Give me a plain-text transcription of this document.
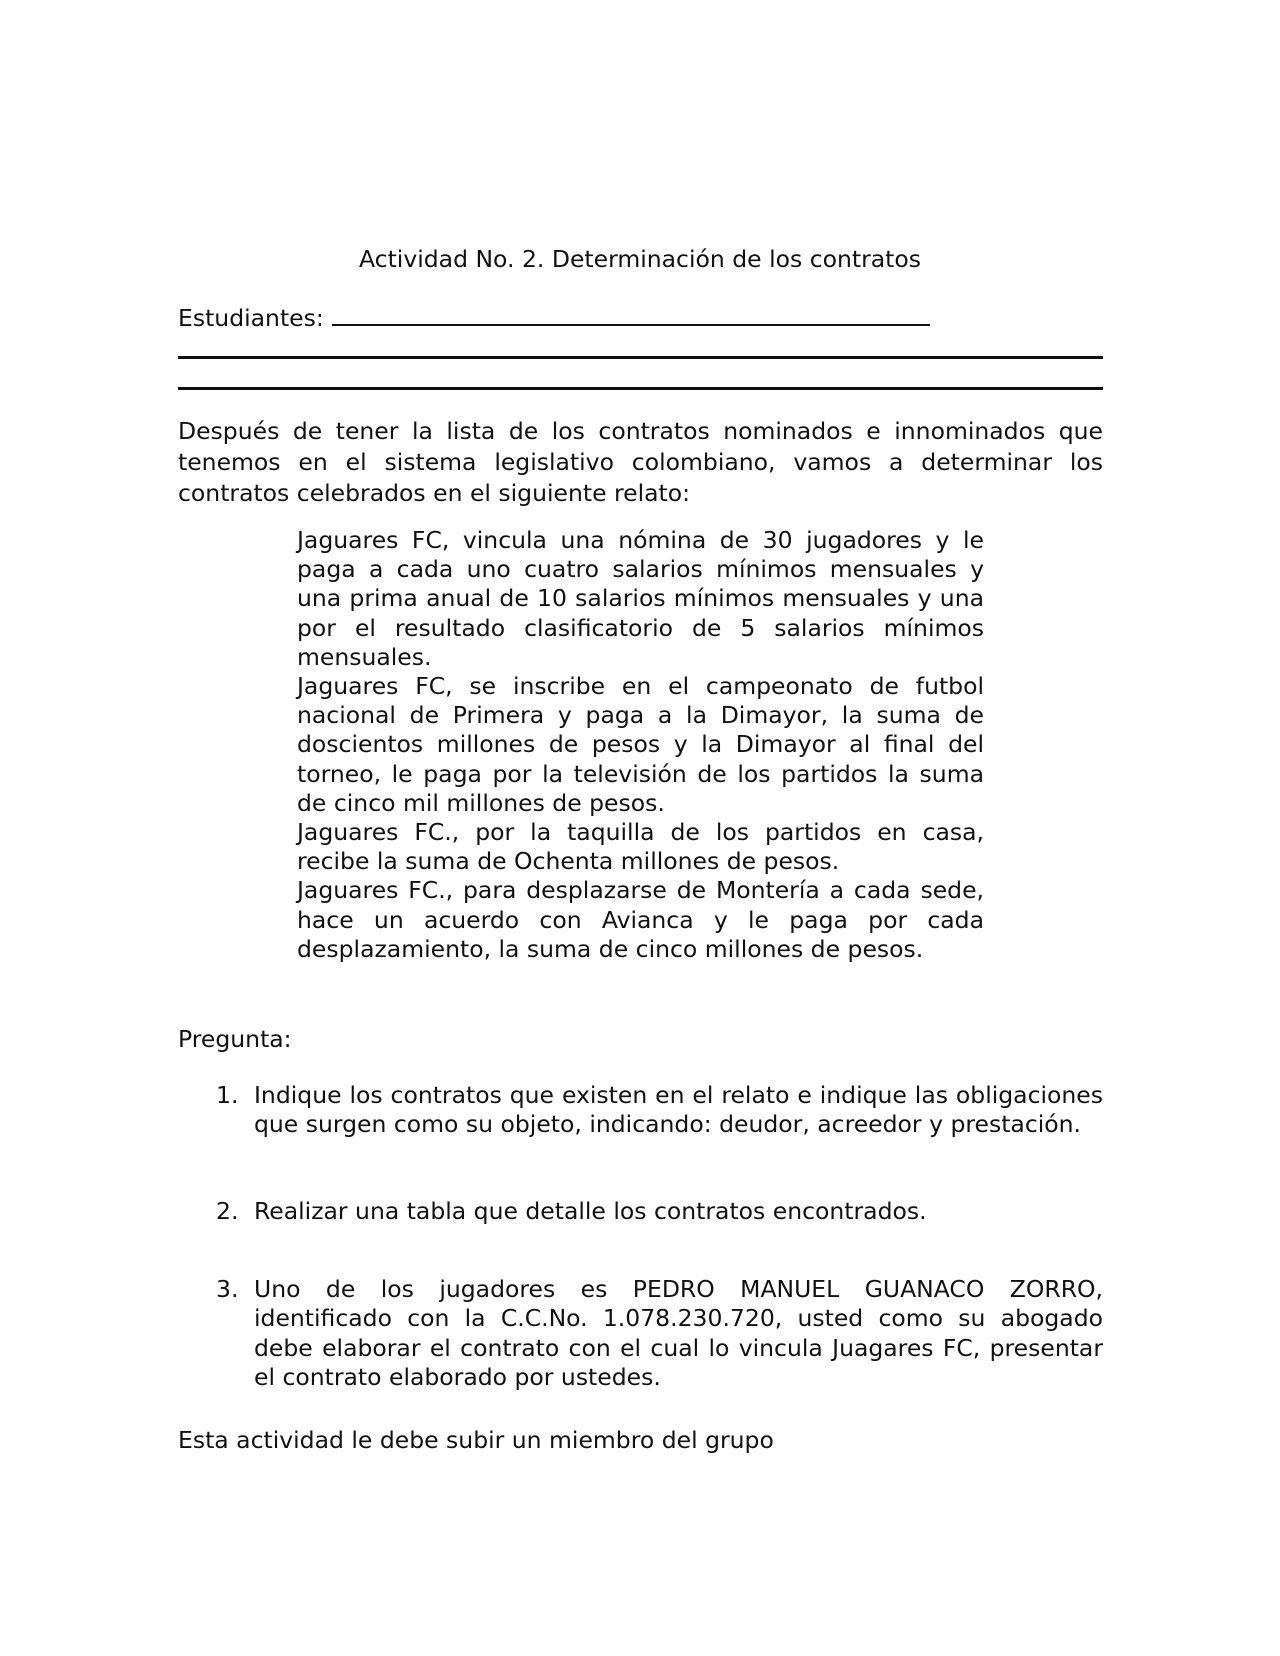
Actividad No. 2. Determinación de los contratos
Estudiantes:

Después de tener la lista de los contratos nominados e innominados que tenemos en el sistema legislativo colombiano, vamos a determinar los contratos celebrados en el siguiente relato:

Jaguares FC, vincula una nómina de 30 jugadores y le paga a cada uno cuatro salarios mínimos mensuales y una prima anual de 10 salarios mínimos mensuales y una por el resultado clasificatorio de 5 salarios mínimos mensuales.

Jaguares FC, se inscribe en el campeonato de futbol nacional de Primera y paga a la Dimayor, la suma de doscientos millones de pesos y la Dimayor al final del torneo, le paga por la televisión de los partidos la suma de cinco mil millones de pesos.

Jaguares FC., por la taquilla de los partidos en casa, recibe la suma de Ochenta millones de pesos.

Jaguares FC., para desplazarse de Montería a cada sede, hace un acuerdo con Avianca y le paga por cada desplazamiento, la suma de cinco millones de pesos.

Pregunta:
1. Indique los contratos que existen en el relato e indique las obligaciones que surgen como su objeto, indicando: deudor, acreedor y prestación.
2. Realizar una tabla que detalle los contratos encontrados.
3. Uno de los jugadores es PEDRO MANUEL GUANACO ZORRO, identificado con la C.C.No. 1.078.230.720, usted como su abogado debe elaborar el contrato con el cual lo vincula Juagares FC, presentar el contrato elaborado por ustedes.
Esta actividad le debe subir un miembro del grupo
